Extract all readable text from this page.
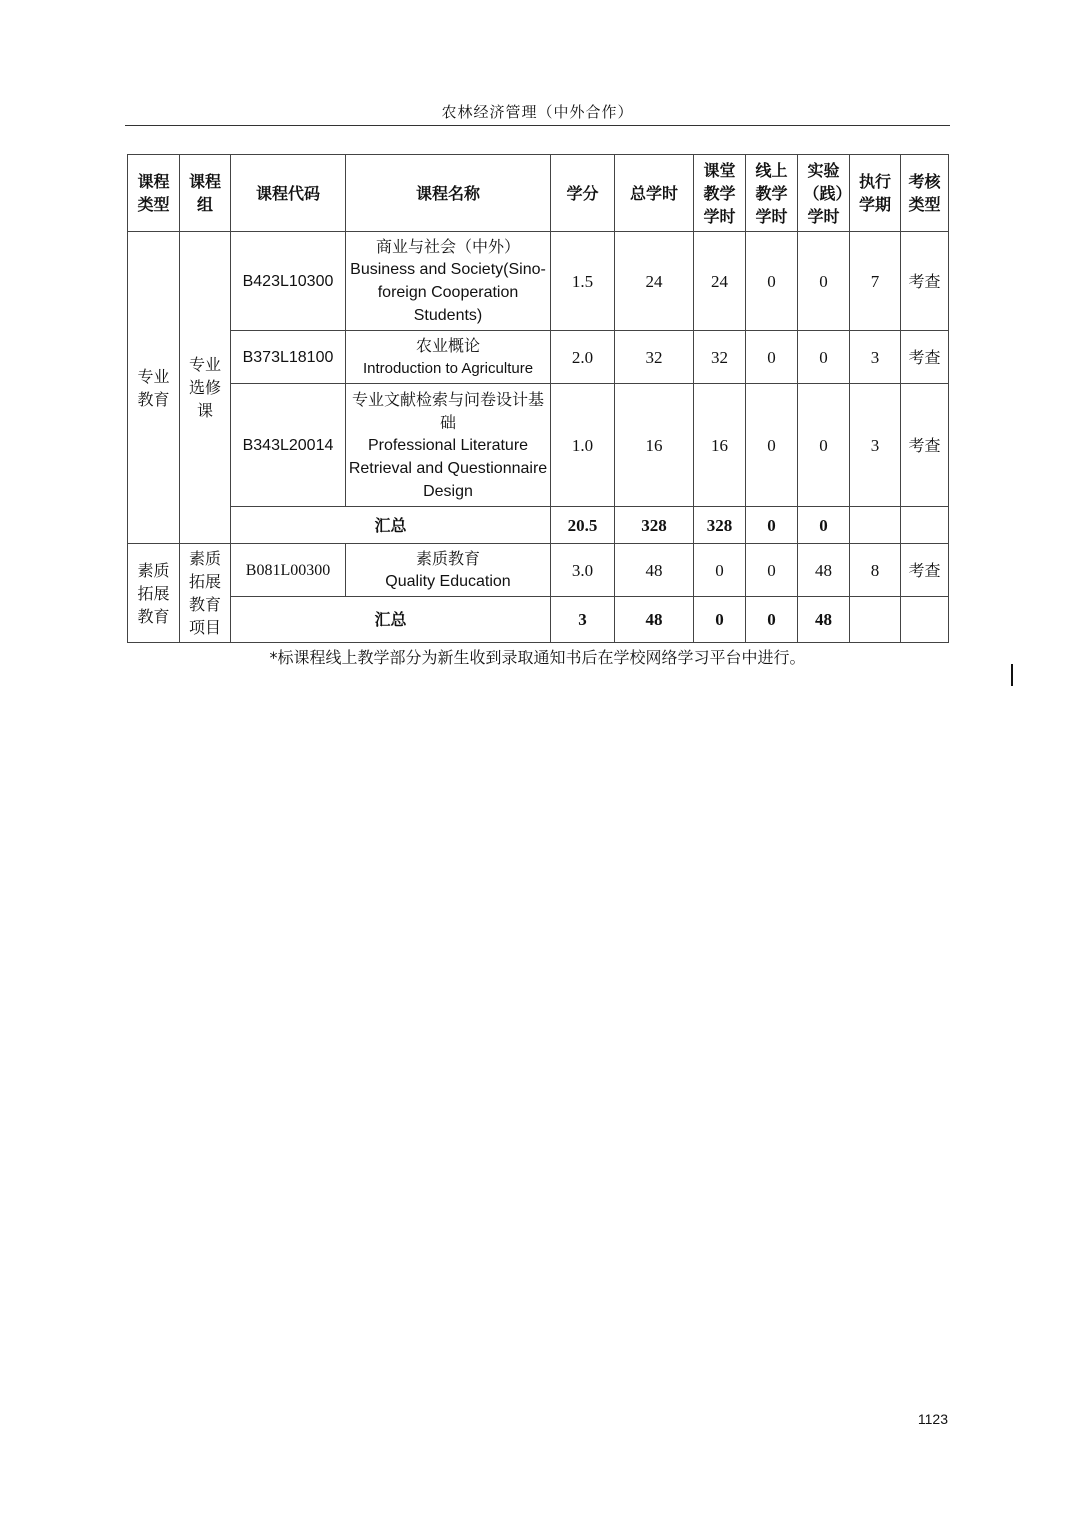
农林经济管理（中外合作）
课程类型	课程组	课程代码	课程名称	学分	总学时	课堂教学学时	线上教学学时	实验（践）学时	执行学期	考核类型
专业教育	专业选修课	B423L10300	商业与社会（中外）
Business and Society(Sino-foreign Cooperation Students)	1.5	24	24	0	0	7	考查
		B373L18100	农业概论
Introduction to Agriculture	2.0	32	32	0	0	3	考查
		B343L20014	专业文献检索与问卷设计基础
Professional Literature Retrieval and Questionnaire Design	1.0	16	16	0	0	3	考查
		汇总		20.5	328	328	0	0		
素质拓展教育	素质拓展教育项目	B081L00300	素质教育
Quality Education	3.0	48	0	0	48	8	考查
		汇总		3	48	0	0	48		
*标课程线上教学部分为新生收到录取通知书后在学校网络学习平台中进行。
1123
